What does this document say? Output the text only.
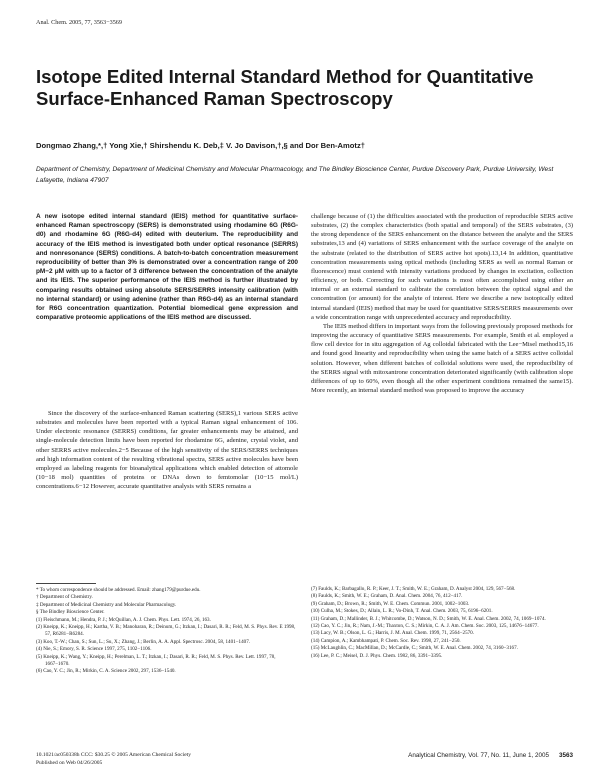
Anal. Chem. 2005, 77, 3563−3569
Isotope Edited Internal Standard Method for Quantitative Surface-Enhanced Raman Spectroscopy
Dongmao Zhang,*,† Yong Xie,† Shirshendu K. Deb,‡ V. Jo Davison,†,§ and Dor Ben-Amotz†
Department of Chemistry, Department of Medicinal Chemistry and Molecular Pharmacology, and The Bindley Bioscience Center, Purdue Discovery Park, Purdue University, West Lafayette, Indiana 47907
A new isotope edited internal standard (IEIS) method for quantitative surface-enhanced Raman spectroscopy (SERS) is demonstrated using rhodamine 6G (R6G-d0) and rhodamine 6G (R6G-d4) edited with deuterium. The reproducibility and accuracy of the IEIS method is investigated both under optical resonance (SERRS) and nonresonance (SERS) conditions. A batch-to-batch concentration measurement reproducibility of better than 3% is demonstrated over a concentration range of 200 pM−2 μM with up to a factor of 3 difference between the concentration of the analyte and its IEIS. The superior performance of the IEIS method is further illustrated by comparing results obtained using absolute SERS/SERRS intensity calibration (with no internal standard) or using adenine (rather than R6G-d4) as an internal standard for R6G concentration quantization. Potential biomedical gene expression and comparative proteomic applications of the IEIS method are discussed.

Since the discovery of the surface-enhanced Raman scattering (SERS),1 various SERS active substrates and molecules have been reported with a typical Raman signal enhancement of 106. Under electronic resonance (SERRS) conditions, far greater enhancements may be attained, and single-molecule detection limits have been reported for rhodamine 6G, adenine, crystal violet, and other SERRS active molecules.2−5 Because of the high sensitivity of the SERS/SERRS techniques and high information content of the resulting vibrational spectra, SERS active molecules have been employed as labeling reagents for bioanalytical applications which enabled detection of attomole (10−18 mol) quantities of proteins or DNAs down to femtomolar (10−15 mol/L) concentrations.6−12 However, accurate quantitative analysis with SERS remains a

challenge because of (1) the difficulties associated with the production of reproducible SERS active substrates, (2) the complex characteristics (both spatial and temporal) of the SERS substrates, (3) the strong dependence of the SERS enhancement on the distance between the analyte and the SERS substrates,13 and (4) variations of SERS enhancement with the surface coverage of the analyte on the substrate (related to the distribution of SERS active hot spots).13,14 In addition, quantitative concentration measurements using optical methods (including SERS as well as normal Raman or fluorescence) must contend with intensity variations produced by changes in excitation, collection efficiency, or both. Correcting for such variations is most often accomplished using either an internal or an external standard to calibrate the correlation between the optical signal and the concentration (or amount) for the analyte of interest. Here we describe a new isotopically edited internal standard (IEIS) method that may be used for quantitative SERS/SERRS measurements over a wide concentration range with unprecedented accuracy and reproducibility.

The IEIS method differs in important ways from the following previously proposed methods for improving the accuracy of quantitative SERS measurements. For example, Smith et al. employed a flow cell device for in situ aggregation of Ag colloidal fabricated with the Lee−Misel method15,16 and found good linearity and reproducibility when using the same batch of a SERS active colloidal solution. However, when different batches of colloidal solutions were used, the reproducibility of the SERRS signal with mitoxantrone concentration deteriorated significantly (with calibration slope differences of up to 60%, even though all the other experiment conditions remained the same15). More recently, an internal standard method was proposed to improve the accuracy

* To whom correspondence should be addressed. Email: zhang179@purdue.edu.
† Department of Chemistry.
‡ Department of Medicinal Chemistry and Molecular Pharmacology.
§ The Bindley Bioscience Center.
(1) Fleischmann, M.; Hendra, P. J.; McQuillan, A. J. Chem. Phys. Lett. 1974, 26, 163.
(2) Kneipp, K.; Kneipp, H.; Kartha, V. B.; Manoharan, R.; Deinum, G.; Itzkan, I.; Dasari, R. R.; Feld, M. S. Phys. Rev. E 1998, 57, R6281−R6284.
(3) Koo, T.-W.; Chan, S.; Sun, L.; Su, X.; Zhang, J.; Berlin, A. A. Appl. Spectrosc. 2004, 58, 1401−1407.
(4) Nie, S.; Emory, S. R. Science 1997, 275, 1102−1106.
(5) Kneipp, K.; Wang, Y.; Kneipp, H.; Perelman, L. T.; Itzkan, I.; Dasari, R. R.; Feld, M. S. Phys. Rev. Lett. 1997, 78, 1667−1670.
(6) Cao, Y. C.; Jin, R.; Mirkin, C. A. Science 2002, 297, 1536−1540.
(7) Faulds, K.; Barbagallo, R. P.; Keer, J. T.; Smith, W. E.; Graham, D. Analyst 2004, 129, 567−568.
(8) Faulds, K.; Smith, W. E.; Graham, D. Anal. Chem. 2004, 76, 412−417.
(9) Graham, D.; Brown, R.; Smith, W. E. Chem. Commun. 2001, 1002−1003.
(10) Culha, M.; Stokes, D.; Allain, L. R.; Vo-Dinh, T. Anal. Chem. 2003, 75, 6196−6201.
(11) Graham, D.; Mallinder, B. J.; Whitcombe, D.; Watson, N. D.; Smith, W. E. Anal. Chem. 2002, 74, 1069−1074.
(12) Cao, Y. C.; Jin, R.; Nam, J.-M.; Thaxton, C. S.; Mirkin, C. A. J. Am. Chem. Soc. 2003, 125, 14676−14677.
(13) Lacy, W. B.; Olson, L. G.; Harris, J. M. Anal. Chem. 1999, 71, 2564−2570.
(14) Campion, A.; Kambhampati, P. Chem. Soc. Rev. 1998, 27, 241−250.
(15) McLaughlin, C.; MacMillan, D.; McCardle, C.; Smith, W. E. Anal. Chem. 2002, 74, 3160−3167.
(16) Lee, P. C.; Meisel, D. J. Phys. Chem. 1982, 86, 3391−3395.
10.1021/ac050338h CCC: $30.25 © 2005 American Chemical Society
Published on Web 04/26/2005
Analytical Chemistry, Vol. 77, No. 11, June 1, 2005 3563
